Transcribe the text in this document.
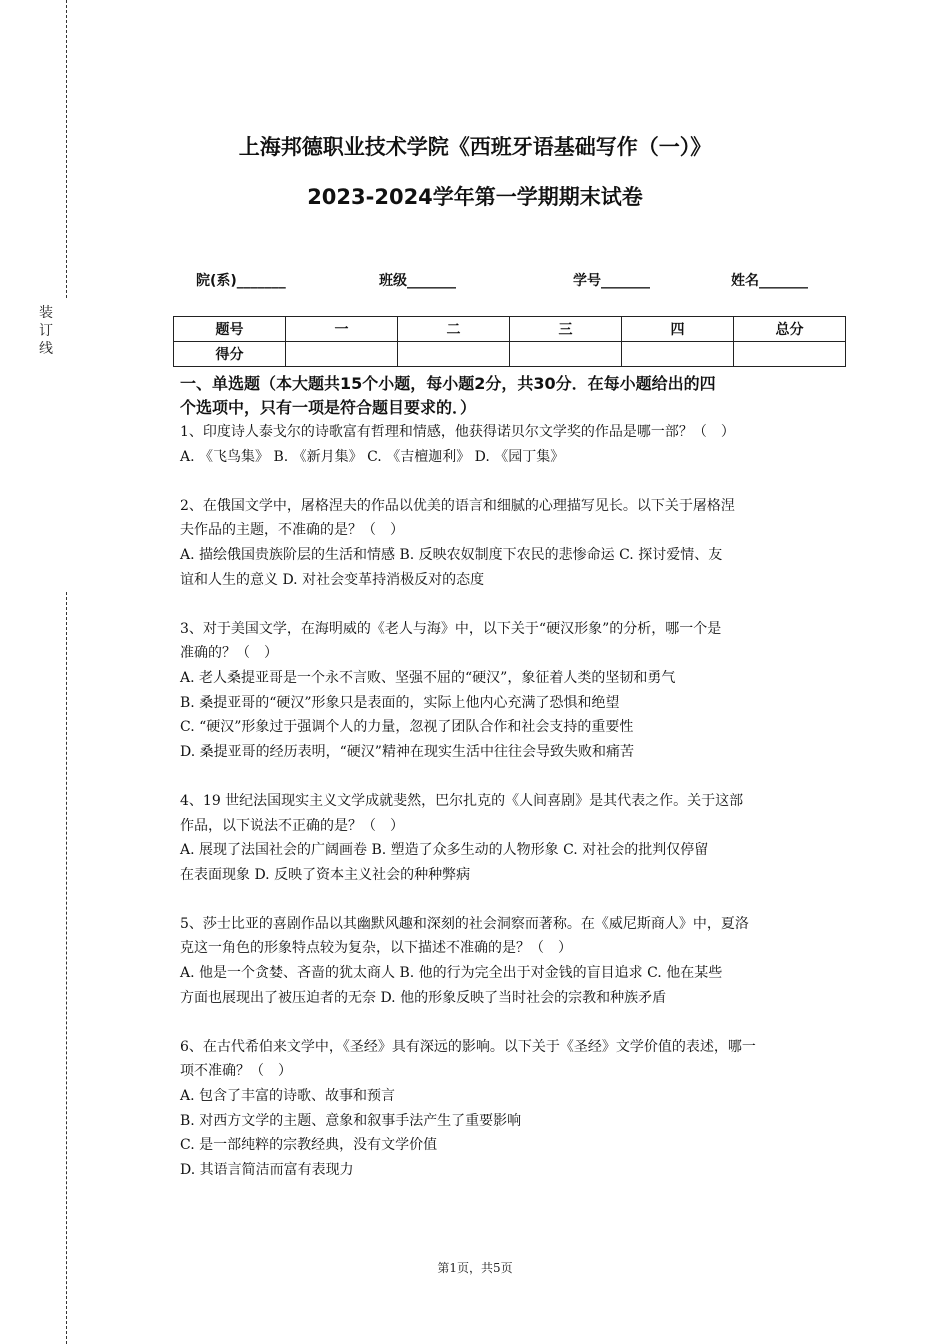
装
订
线
上海邦德职业技术学院《西班牙语基础写作（一）》
2023-2024学年第一学期期末试卷
院(系)_______	班级_______	学号_______	姓名_______
题号	一	二	三	四	总分
得分					
一、单选题（本大题共15个小题，每小题2分，共30分．在每小题给出的四
个选项中，只有一项是符合题目要求的．）
1、印度诗人泰戈尔的诗歌富有哲理和情感，他获得诺贝尔文学奖的作品是哪一部？（　）
A. 《飞鸟集》 B. 《新月集》 C. 《吉檀迦利》 D. 《园丁集》
2、在俄国文学中，屠格涅夫的作品以优美的语言和细腻的心理描写见长。以下关于屠格涅
夫作品的主题，不准确的是？（　）
A. 描绘俄国贵族阶层的生活和情感 B. 反映农奴制度下农民的悲惨命运 C. 探讨爱情、友
谊和人生的意义 D. 对社会变革持消极反对的态度
3、对于美国文学，在海明威的《老人与海》中，以下关于“硬汉形象”的分析，哪一个是
准确的？（　）
A. 老人桑提亚哥是一个永不言败、坚强不屈的“硬汉”，象征着人类的坚韧和勇气
B. 桑提亚哥的“硬汉”形象只是表面的，实际上他内心充满了恐惧和绝望
C. “硬汉”形象过于强调个人的力量，忽视了团队合作和社会支持的重要性
D. 桑提亚哥的经历表明，“硬汉”精神在现实生活中往往会导致失败和痛苦
4、19 世纪法国现实主义文学成就斐然，巴尔扎克的《人间喜剧》是其代表之作。关于这部
作品，以下说法不正确的是？（　）
A. 展现了法国社会的广阔画卷 B. 塑造了众多生动的人物形象 C. 对社会的批判仅停留
在表面现象 D. 反映了资本主义社会的种种弊病
5、莎士比亚的喜剧作品以其幽默风趣和深刻的社会洞察而著称。在《威尼斯商人》中，夏洛
克这一角色的形象特点较为复杂，以下描述不准确的是？（　）
A. 他是一个贪婪、吝啬的犹太商人 B. 他的行为完全出于对金钱的盲目追求 C. 他在某些
方面也展现出了被压迫者的无奈 D. 他的形象反映了当时社会的宗教和种族矛盾
6、在古代希伯来文学中，《圣经》具有深远的影响。以下关于《圣经》文学价值的表述，哪一
项不准确？（　）
A. 包含了丰富的诗歌、故事和预言
B. 对西方文学的主题、意象和叙事手法产生了重要影响
C. 是一部纯粹的宗教经典，没有文学价值
D. 其语言简洁而富有表现力
第1页，共5页
